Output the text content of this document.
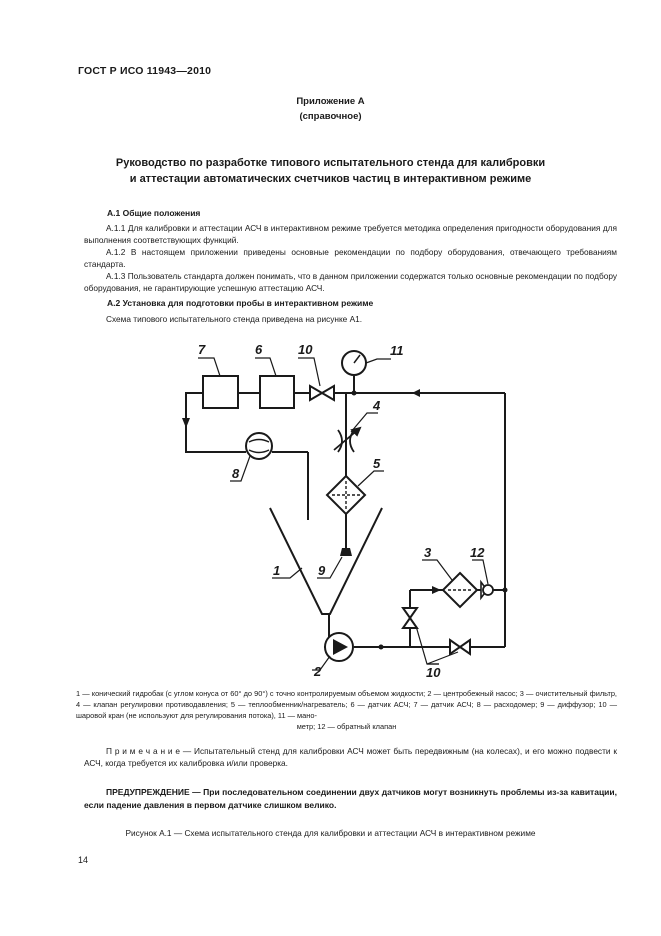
ГОСТ Р ИСО 11943—2010
Приложение А
(справочное)
Руководство по разработке типового испытательного стенда для калибровки
и аттестации автоматических счетчиков частиц в интерактивном режиме
А.1 Общие положения

А.1.1 Для калибровки и аттестации АСЧ в интерактивном режиме требуется методика определения пригодности оборудования для выполнения соответствующих функций.

А.1.2 В настоящем приложении приведены основные рекомендации по подбору оборудования, отвечающего требованиям стандарта.

А.1.3 Пользователь стандарта должен понимать, что в данном приложении содержатся только основные рекомендации по подбору оборудования, не гарантирующие успешную аттестацию АСЧ.

А.2 Установка для подготовки пробы в интерактивном режиме

Схема типового испытательного стенда приведена на рисунке А1.

7	6	10	11
4
5
8
1	9
2
3	12
10
1 — конический гидробак (с углом конуса от 60° до 90°) с точно контролируемым объемом жидкости; 2 — центробежный насос; 3 — очистительный фильтр, 4 — клапан регулировки противодавления; 5 — теплообменник/нагреватель; 6 — датчик АСЧ; 7 — датчик АСЧ; 8 — расходомер; 9 — диффузор; 10 — шаровой кран (не используют для регулирования потока), 11 — мано-
метр; 12 — обратный клапан

П р и м е ч а н и е — Испытательный стенд для калибровки АСЧ может быть передвижным (на колесах), и его можно подвести к АСЧ, когда требуется их калибровка и/или проверка.

ПРЕДУПРЕЖДЕНИЕ — При последовательном соединении двух датчиков могут возникнуть проблемы из-за кавитации, если падение давления в первом датчике слишком велико.

Рисунок А.1 — Схема испытательного стенда для калибровки и аттестации АСЧ в интерактивном режиме
14
